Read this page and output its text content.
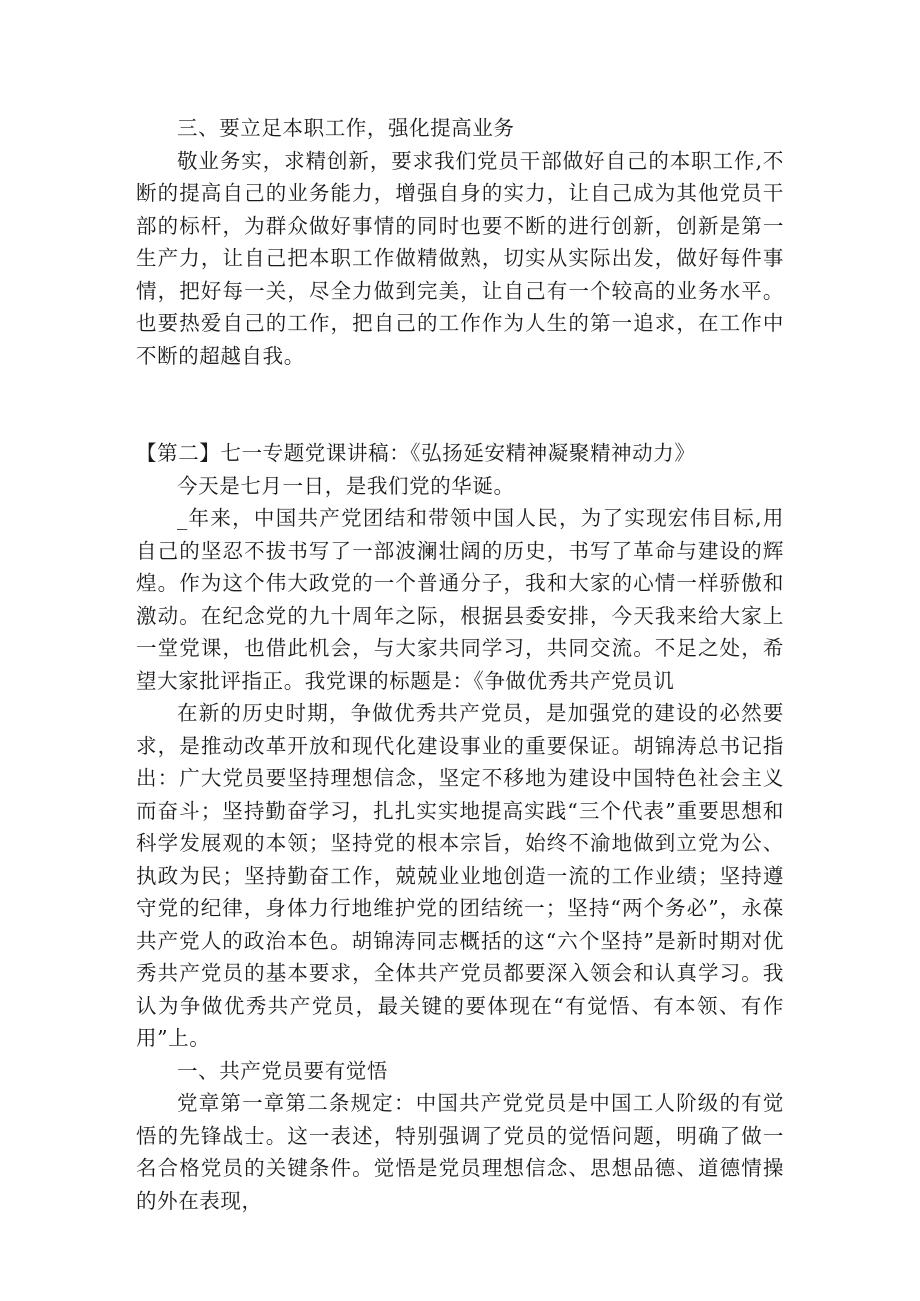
三、要立足本职工作，强化提高业务

敬业务实，求精创新，要求我们党员干部做好自己的本职工作,不断的提高自己的业务能力，增强自身的实力，让自己成为其他党员干部的标杆，为群众做好事情的同时也要不断的进行创新，创新是第一生产力，让自己把本职工作做精做熟，切实从实际出发，做好每件事情，把好每一关，尽全力做到完美，让自己有一个较高的业务水平。也要热爱自己的工作，把自己的工作作为人生的第一追求，在工作中不断的超越自我。

【第二】七一专题党课讲稿：《弘扬延安精神凝聚精神动力》

今天是七月一日，是我们党的华诞。

_年来，中国共产党团结和带领中国人民，为了实现宏伟目标,用自己的坚忍不拔书写了一部波澜壮阔的历史，书写了革命与建设的辉煌。作为这个伟大政党的一个普通分子，我和大家的心情一样骄傲和激动。在纪念党的九十周年之际，根据县委安排，今天我来给大家上一堂党课，也借此机会，与大家共同学习，共同交流。不足之处，希望大家批评指正。我党课的标题是：《争做优秀共产党员讥

在新的历史时期，争做优秀共产党员，是加强党的建设的必然要求，是推动改革开放和现代化建设事业的重要保证。胡锦涛总书记指出：广大党员要坚持理想信念，坚定不移地为建设中国特色社会主义而奋斗；坚持勤奋学习，扎扎实实地提高实践“三个代表”重要思想和科学发展观的本领；坚持党的根本宗旨，始终不渝地做到立党为公、执政为民；坚持勤奋工作，兢兢业业地创造一流的工作业绩；坚持遵守党的纪律，身体力行地维护党的团结统一；坚持“两个务必”，永葆共产党人的政治本色。胡锦涛同志概括的这“六个坚持”是新时期对优秀共产党员的基本要求，全体共产党员都要深入领会和认真学习。我认为争做优秀共产党员，最关键的要体现在“有觉悟、有本领、有作用”上。

一、共产党员要有觉悟

党章第一章第二条规定：中国共产党党员是中国工人阶级的有觉悟的先锋战士。这一表述，特别强调了党员的觉悟问题，明确了做一名合格党员的关键条件。觉悟是党员理想信念、思想品德、道德情操的外在表现，
